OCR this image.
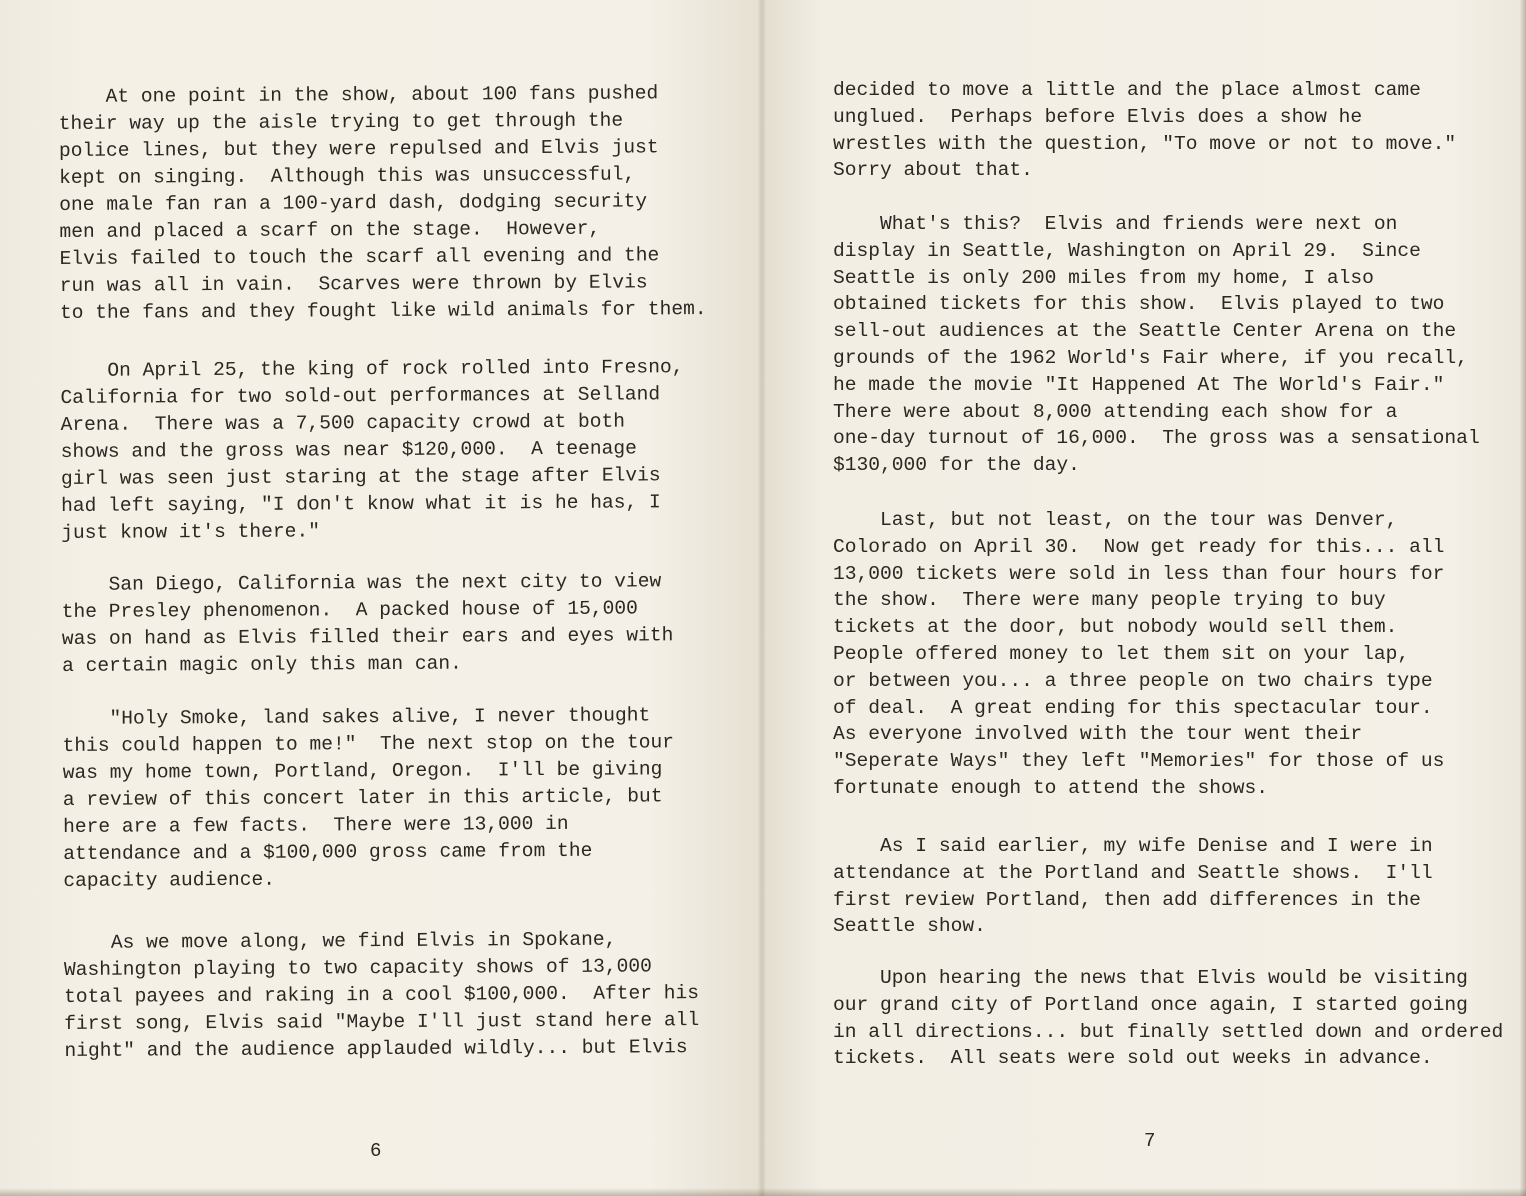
At one point in the show, about 100 fans pushed
their way up the aisle trying to get through the
police lines, but they were repulsed and Elvis just
kept on singing.  Although this was unsuccessful,
one male fan ran a 100-yard dash, dodging security
men and placed a scarf on the stage.  However,
Elvis failed to touch the scarf all evening and the
run was all in vain.  Scarves were thrown by Elvis
to the fans and they fought like wild animals for them.
On April 25, the king of rock rolled into Fresno,
California for two sold-out performances at Selland
Arena.  There was a 7,500 capacity crowd at both
shows and the gross was near $120,000.  A teenage
girl was seen just staring at the stage after Elvis
had left saying, "I don't know what it is he has, I
just know it's there."
San Diego, California was the next city to view
the Presley phenomenon.  A packed house of 15,000
was on hand as Elvis filled their ears and eyes with
a certain magic only this man can.
"Holy Smoke, land sakes alive, I never thought
this could happen to me!"  The next stop on the tour
was my home town, Portland, Oregon.  I'll be giving
a review of this concert later in this article, but
here are a few facts.  There were 13,000 in
attendance and a $100,000 gross came from the
capacity audience.
As we move along, we find Elvis in Spokane,
Washington playing to two capacity shows of 13,000
total payees and raking in a cool $100,000.  After his
first song, Elvis said "Maybe I'll just stand here all
night" and the audience applauded wildly... but Elvis
decided to move a little and the place almost came
unglued.  Perhaps before Elvis does a show he
wrestles with the question, "To move or not to move."
Sorry about that.
What's this?  Elvis and friends were next on
display in Seattle, Washington on April 29.  Since
Seattle is only 200 miles from my home, I also
obtained tickets for this show.  Elvis played to two
sell-out audiences at the Seattle Center Arena on the
grounds of the 1962 World's Fair where, if you recall,
he made the movie "It Happened At The World's Fair."
There were about 8,000 attending each show for a
one-day turnout of 16,000.  The gross was a sensational
$130,000 for the day.
Last, but not least, on the tour was Denver,
Colorado on April 30.  Now get ready for this... all
13,000 tickets were sold in less than four hours for
the show.  There were many people trying to buy
tickets at the door, but nobody would sell them.
People offered money to let them sit on your lap,
or between you... a three people on two chairs type
of deal.  A great ending for this spectacular tour.
As everyone involved with the tour went their
"Seperate Ways" they left "Memories" for those of us
fortunate enough to attend the shows.
As I said earlier, my wife Denise and I were in
attendance at the Portland and Seattle shows.  I'll
first review Portland, then add differences in the
Seattle show.
Upon hearing the news that Elvis would be visiting
our grand city of Portland once again, I started going
in all directions... but finally settled down and ordered
tickets.  All seats were sold out weeks in advance.
6	7
